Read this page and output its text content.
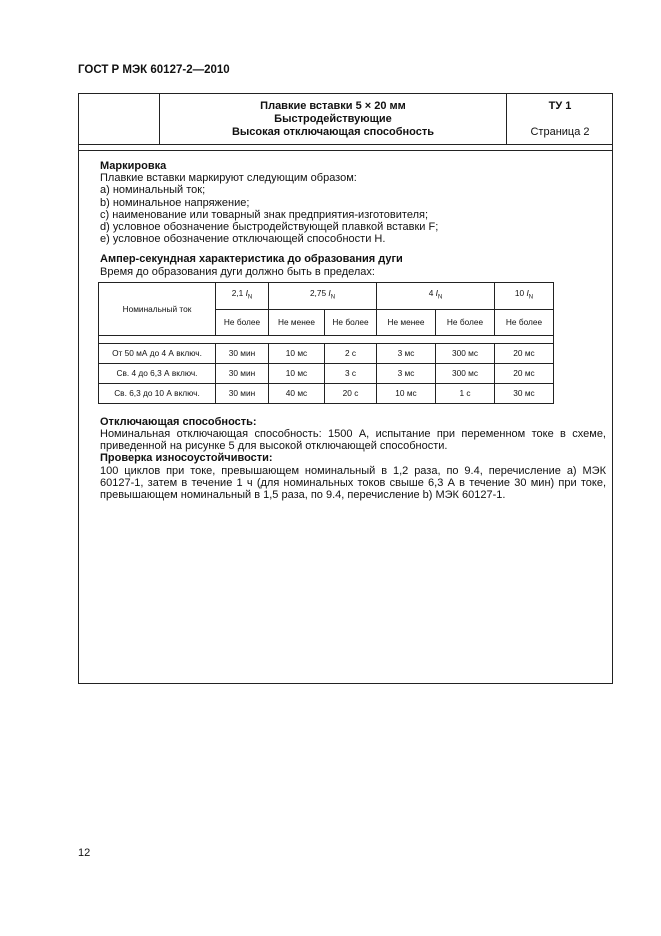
ГОСТ Р МЭК 60127-2—2010
Плавкие вставки 5 × 20 мм
Быстродействующие
Высокая отключающая способность
ТУ 1
Страница 2

Маркировка

Плавкие вставки маркируют следующим образом:

a) номинальный ток;

b) номинальное напряжение;

c) наименование или товарный знак предприятия-изготовителя;

d) условное обозначение быстродействующей плавкой вставки F;

e) условное обозначение отключающей способности Н.

Ампер-секундная характеристика до образования дуги

Время до образования дуги должно быть в пределах:

Номинальный ток	2,1 $I_N$	2,75 $I_N$		4 $I_N$		10 $I_N$
	Не более	Не менее	Не более	Не менее	Не более	Не более

От 50 мА до 4 А включ.	30 мин	10 мс	2 с	3 мс	300 мс	20 мс
Св. 4 до 6,3 А включ.	30 мин	10 мс	3 с	3 мс	300 мс	20 мс
Св. 6,3 до 10 А включ.	30 мин	40 мс	20 с	10 мс	1 с	30 мс

Отключающая способность:

Номинальная отключающая способность: 1500 А, испытание при переменном токе в схеме, приведенной на рисунке 5 для высокой отключающей способности.

Проверка износоустойчивости:

100 циклов при токе, превышающем номинальный в 1,2 раза, по 9.4, перечисление а) МЭК 60127-1, затем в течение 1 ч (для номинальных токов свыше 6,3 А в течение 30 мин) при токе, превышающем номинальный в 1,5 раза, по 9.4, перечисление b) МЭК 60127-1.

12
